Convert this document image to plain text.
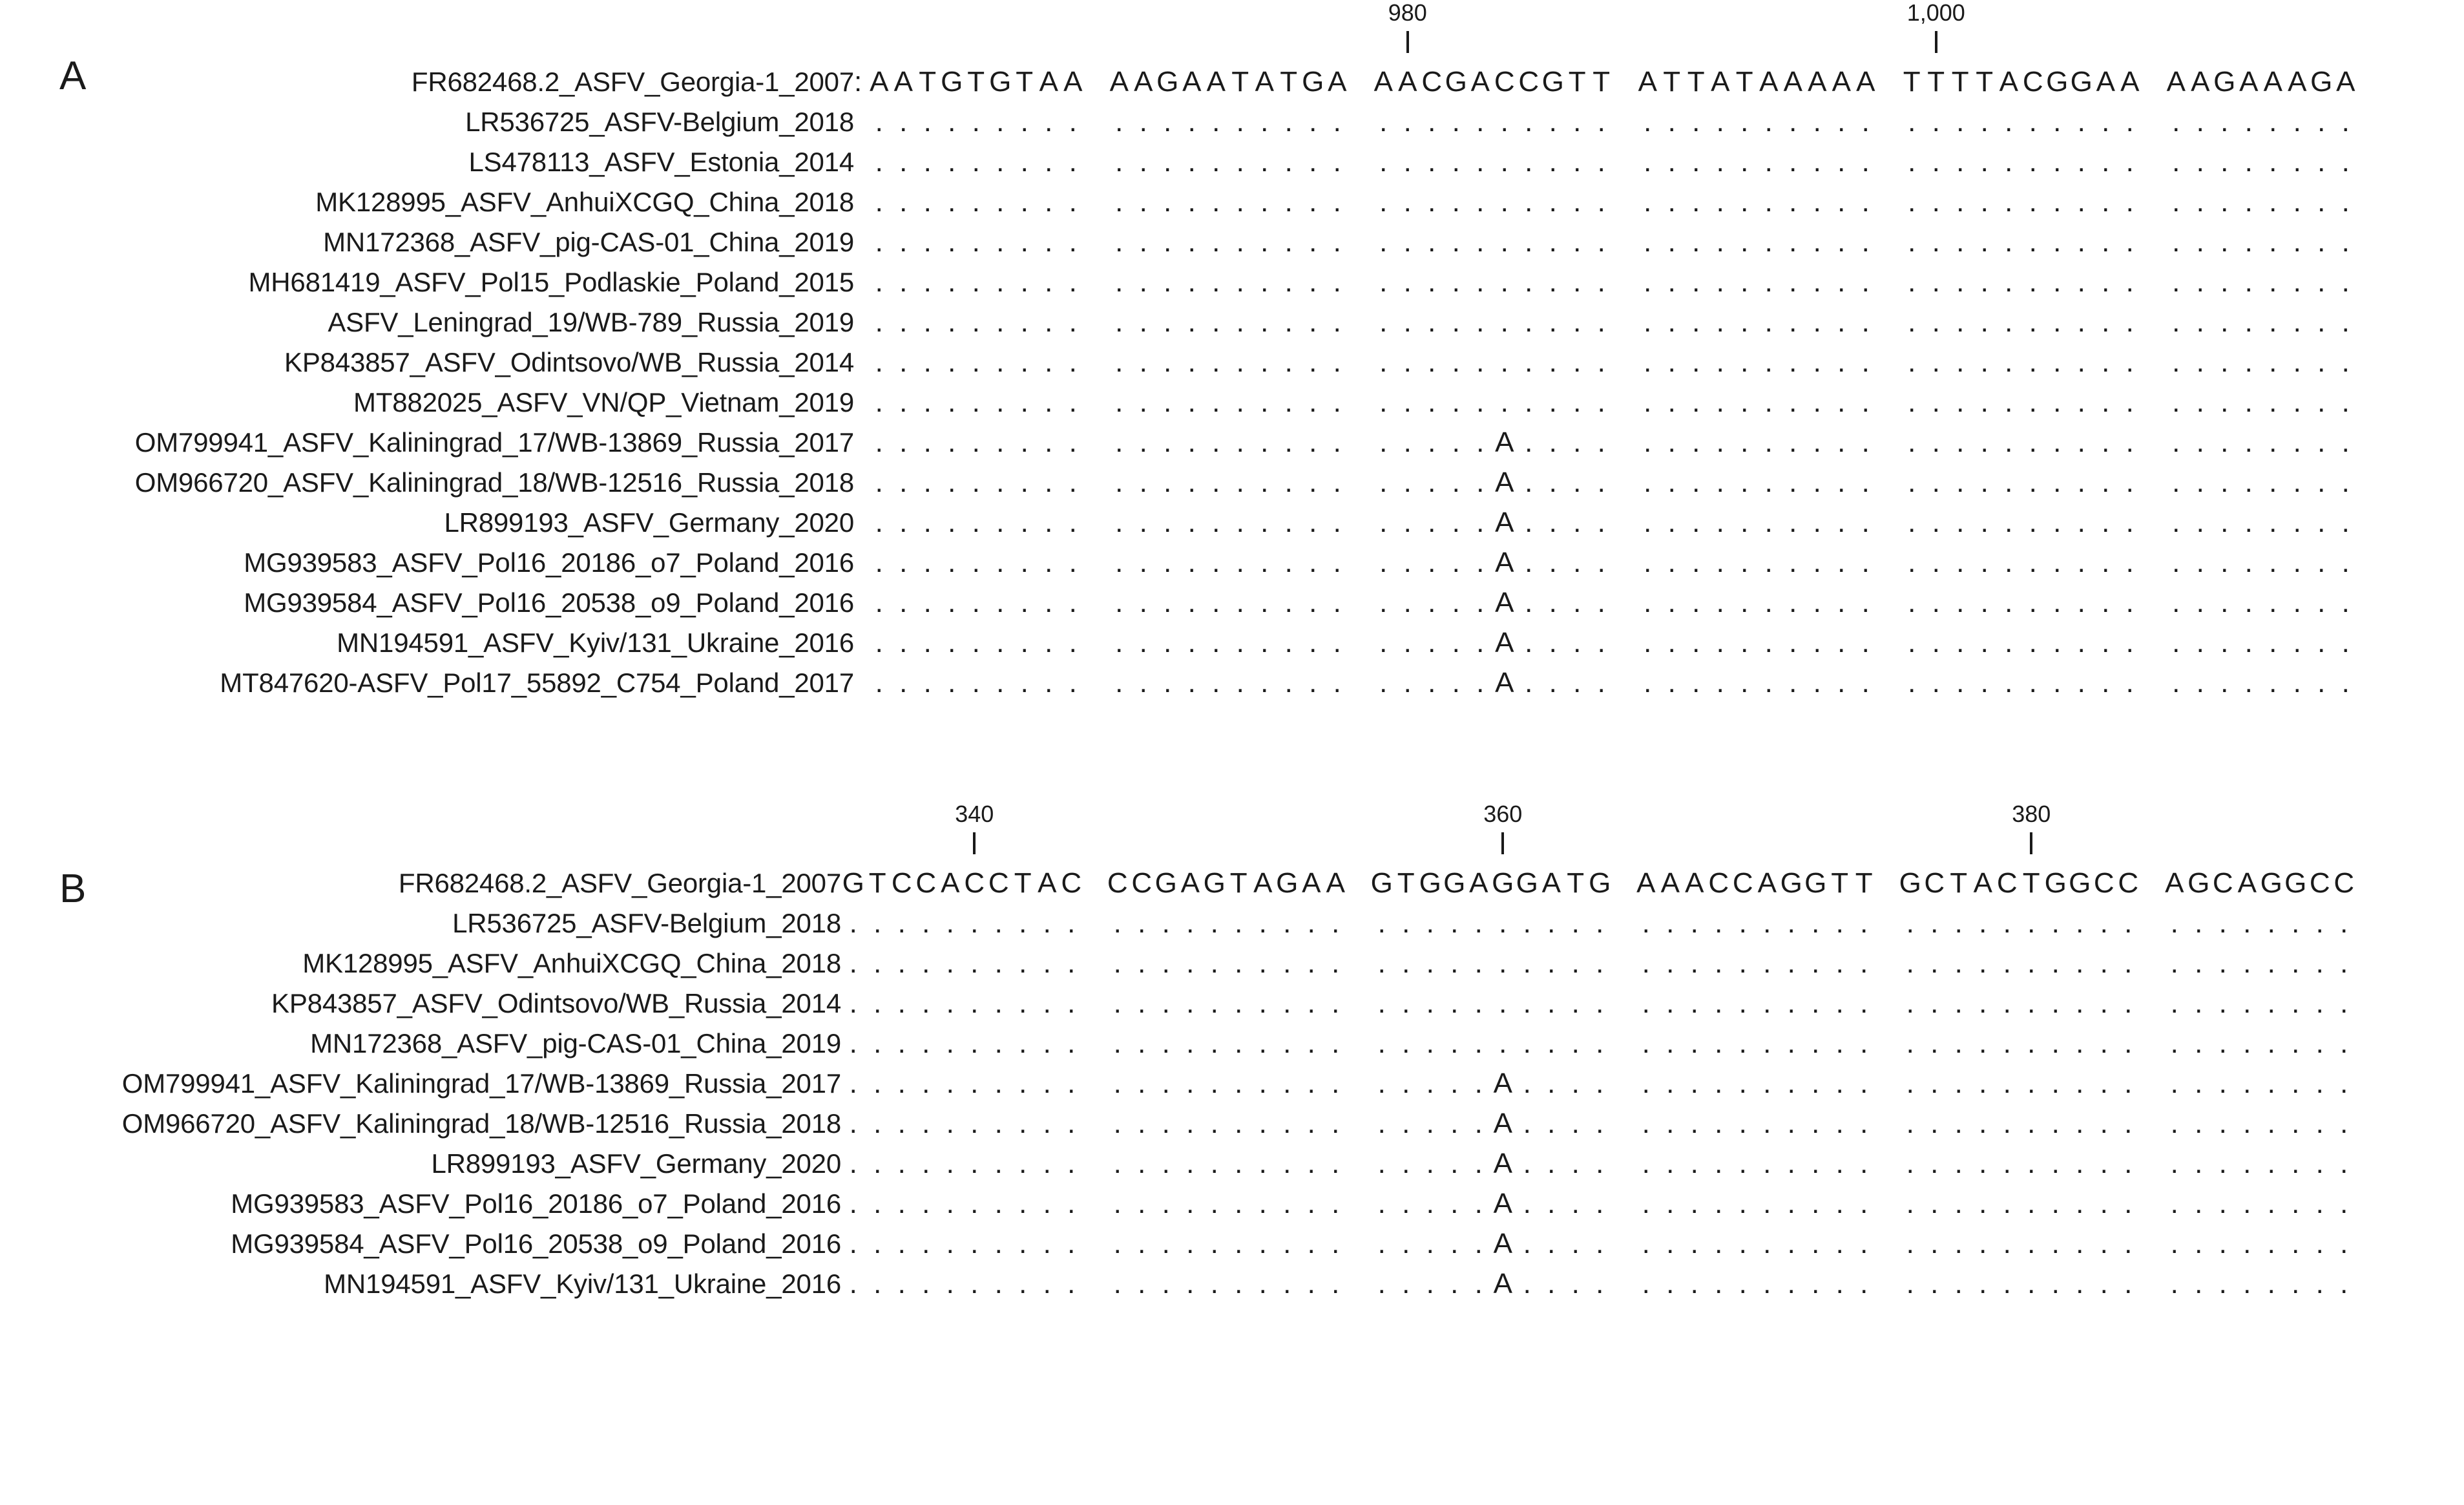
A
980	1,000
FR682468.2_ASFV_Georgia-1_2007 : A A T G T G T A A A A G A A T A T G A A A C G A C C G T T A T T A T A A A A A T T T T A C GG A A A A G A A A G A
LR536725_ASFV-Belgium_2018 . . . . . . . . . . . . . . . . . . . . . . . . . . . . . . . . . . . . . . . . . . . . . . . . . . . . . . . . .
LS478113_ASFV_Estonia_2014 . . . . . . . . . . . . . . . . . . . . . . . . . . . . . . . . . . . . . . . . . . . . . . . . . . . . . . . . .
MK128995_ASFV_AnhuiXCGQ_China_2018 . . . . . . . . . . . . . . . . . . . . . . . . . . . . . . . . . . . . . . . . . . . . . . . . . . . . . . . . .
MN172368_ASFV_pig-CAS-01_China_2019 . . . . . . . . . . . . . . . . . . . . . . . . . . . . . . . . . . . . . . . . . . . . . . . . . . . . . . . . .
MH681419_ASFV_Pol15_Podlaskie_Poland_2015 . . . . . . . . . . . . . . . . . . . . . . . . . . . . . . . . . . . . . . . . . . . . . . . . . . . . . . . . .
ASFV_Leningrad_19/WB-789_Russia_2019 . . . . . . . . . . . . . . . . . . . . . . . . . . . . . . . . . . . . . . . . . . . . . . . . . . . . . . . . .
KP843857_ASFV_Odintsovo/WB_Russia_2014 . . . . . . . . . . . . . . . . . . . . . . . . . . . . . . . . . . . . . . . . . . . . . . . . . . . . . . . . .
MT882025_ASFV_VN/QP_Vietnam_2019 . . . . . . . . . . . . . . . . . . . . . . . . . . . . . . . . . . . . . . . . . . . . . . . . . . . . . . . . .
OM799941_ASFV_Kaliningrad_17/WB-13869_Russia_2017 . . . . . . . . . . . . . . . . . . . . . . . . A . . . . . . . . . . . . . . . . . . . . . . . . . . . . . . . .
OM966720_ASFV_Kaliningrad_18/WB-12516_Russia_2018 . . . . . . . . . . . . . . . . . . . . . . . . A . . . . . . . . . . . . . . . . . . . . . . . . . . . . . . . .
LR899193_ASFV_Germany_2020 . . . . . . . . . . . . . . . . . . . . . . . . A . . . . . . . . . . . . . . . . . . . . . . . . . . . . . . . .
MG939583_ASFV_Pol16_20186_o7_Poland_2016 . . . . . . . . . . . . . . . . . . . . . . . . A . . . . . . . . . . . . . . . . . . . . . . . . . . . . . . . .
MG939584_ASFV_Pol16_20538_o9_Poland_2016 . . . . . . . . . . . . . . . . . . . . . . . . A . . . . . . . . . . . . . . . . . . . . . . . . . . . . . . . .
MN194591_ASFV_Kyiv/131_Ukraine_2016 . . . . . . . . . . . . . . . . . . . . . . . . A . . . . . . . . . . . . . . . . . . . . . . . . . . . . . . . .
MT847620-ASFV_Pol17_55892_C754_Poland_2017 . . . . . . . . . . . . . . . . . . . . . . . . A . . . . . . . . . . . . . . . . . . . . . . . . . . . . . . . .
B
340	360	380
FR682468.2_ASFV_Georgia-1_2007 G T C C A C C T A C C C G A G T A G A A G T GG A GG A T G A A A C C A GG T T G C T A C T GG C C A G C A GG C C
LR536725_ASFV-Belgium_2018 . . . . . . . . . . . . . . . . . . . . . . . . . . . . . . . . . . . . . . . . . . . . . . . . . . . . . . . . . .
MK128995_ASFV_AnhuiXCGQ_China_2018 . . . . . . . . . . . . . . . . . . . . . . . . . . . . . . . . . . . . . . . . . . . . . . . . . . . . . . . . . .
KP843857_ASFV_Odintsovo/WB_Russia_2014 . . . . . . . . . . . . . . . . . . . . . . . . . . . . . . . . . . . . . . . . . . . . . . . . . . . . . . . . . .
MN172368_ASFV_pig-CAS-01_China_2019 . . . . . . . . . . . . . . . . . . . . . . . . . . . . . . . . . . . . . . . . . . . . . . . . . . . . . . . . . .
OM799941_ASFV_Kaliningrad_17/WB-13869_Russia_2017 . . . . . . . . . . . . . . . . . . . . . . . . . A . . . . . . . . . . . . . . . . . . . . . . . . . . . . . . . .
OM966720_ASFV_Kaliningrad_18/WB-12516_Russia_2018 . . . . . . . . . . . . . . . . . . . . . . . . . A . . . . . . . . . . . . . . . . . . . . . . . . . . . . . . . .
LR899193_ASFV_Germany_2020 . . . . . . . . . . . . . . . . . . . . . . . . . A . . . . . . . . . . . . . . . . . . . . . . . . . . . . . . . .
MG939583_ASFV_Pol16_20186_o7_Poland_2016 . . . . . . . . . . . . . . . . . . . . . . . . . A . . . . . . . . . . . . . . . . . . . . . . . . . . . . . . . .
MG939584_ASFV_Pol16_20538_o9_Poland_2016 . . . . . . . . . . . . . . . . . . . . . . . . . A . . . . . . . . . . . . . . . . . . . . . . . . . . . . . . . .
MN194591_ASFV_Kyiv/131_Ukraine_2016 . . . . . . . . . . . . . . . . . . . . . . . . . A . . . . . . . . . . . . . . . . . . . . . . . . . . . . . . . .
